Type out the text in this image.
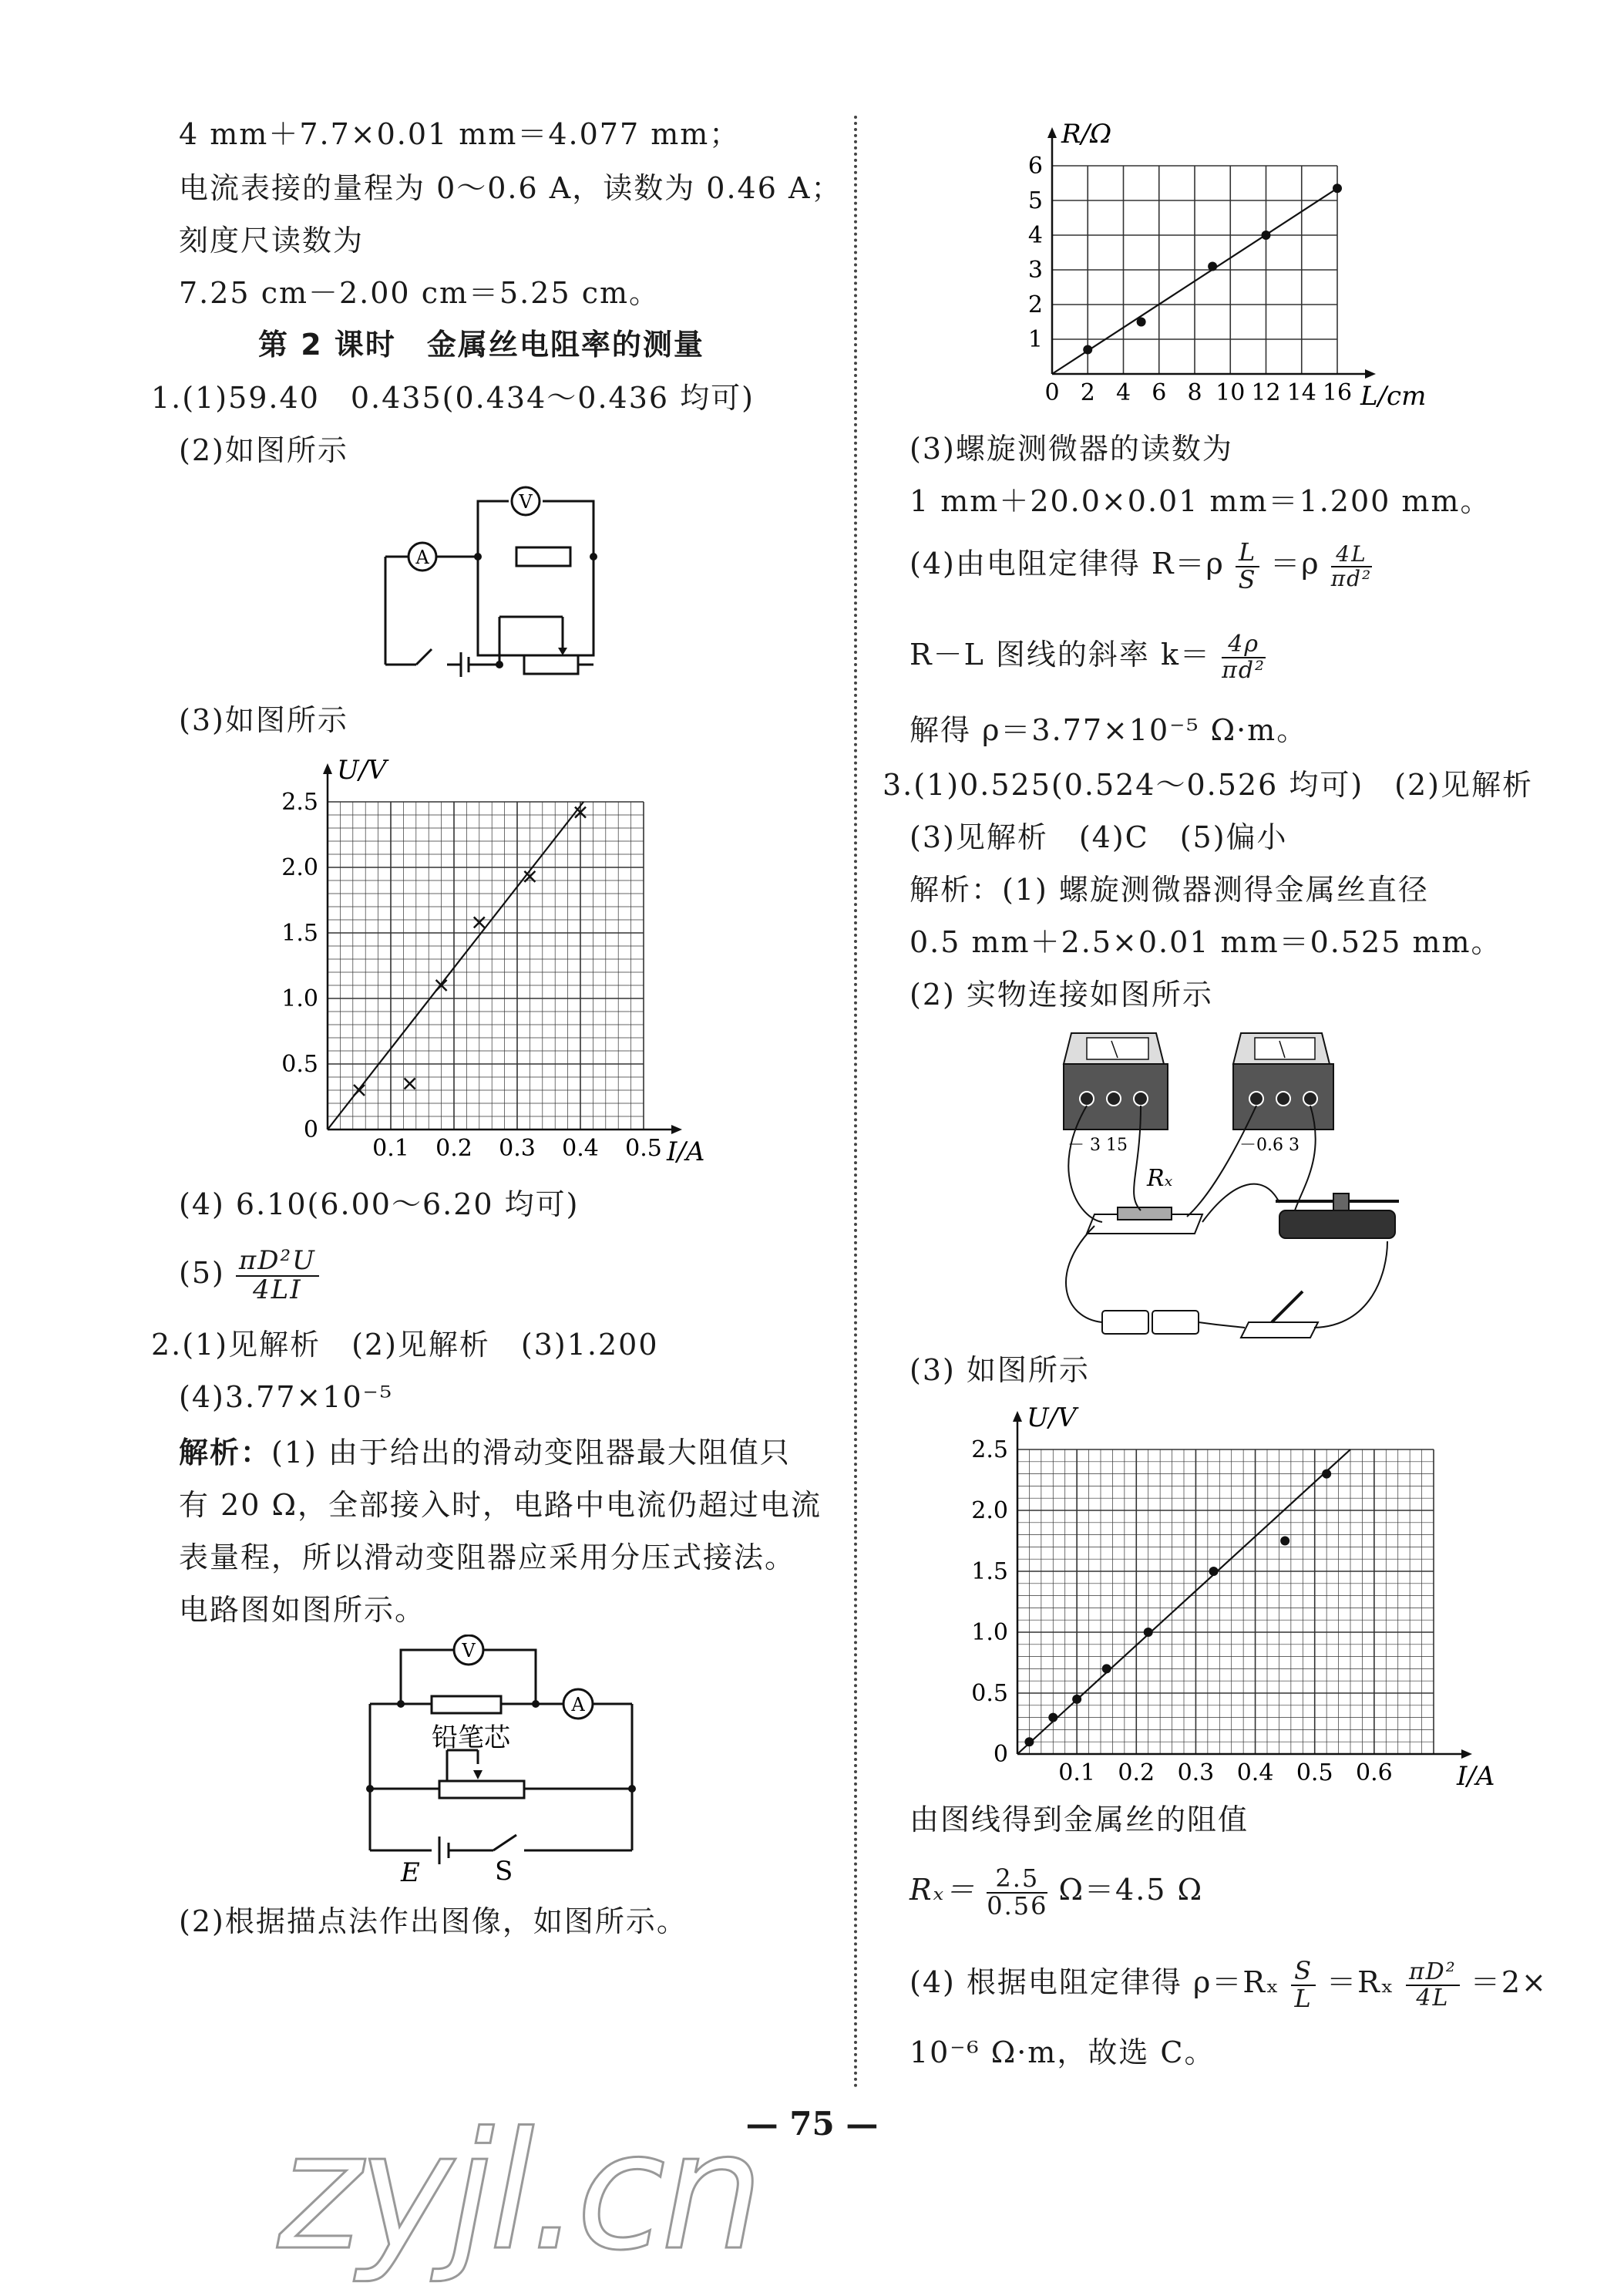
4 mm＋7.7×0.01 mm＝4.077 mm；
电流表接的量程为 0～0.6 A，读数为 0.46 A；
刻度尺读数为
7.25 cm－2.00 cm＝5.25 cm。
第 2 课时　金属丝电阻率的测量
1.(1)59.40　0.435(0.434～0.436 均可)
(2)如图所示
A
V
(3)如图所示
0.1 0.2 0.3 0.4 0.5
0
0.5
1.0
1.5
2.0
2.5
I/A
U/V
(4) 6.10(6.00～6.20 均可)
$(5) \frac{\text{πD²U}}{4LI}$
2.(1)见解析　(2)见解析　(3)1.200
(4)3.77×10⁻⁵
解析：(1) 由于给出的滑动变阻器最大阻值只
有 20 Ω，全部接入时，电路中电流仍超过电流
表量程，所以滑动变阻器应采用分压式接法。
电路图如图所示。
V
A
铅笔芯
E	S
(2)根据描点法作出图像，如图所示。
0 2 4 6 8 10 12 14 16
1
2
3
4
5
6
L/cm
R/Ω
(3)螺旋测微器的读数为
1 mm＋20.0×0.01 mm＝1.200 mm。
(4)由电阻定律得 $R=\rho \frac{L}{S} =\rho \frac{4L}{\text{πd²}}$
R－L 图线的斜率 $k= \frac{4\rho}{\text{πd²}}$
解得 ρ＝3.77×10⁻⁵ Ω·m。
3.(1)0.525(0.524～0.526 均可)　(2)见解析
(3)见解析　(4)C　(5)偏小
解析：(1) 螺旋测微器测得金属丝直径
0.5 mm＋2.5×0.01 mm＝0.525 mm。
(2) 实物连接如图所示
－ 3 15	－0.6 3
Rₓ
(3) 如图所示
0.1 0.2 0.3 0.4 0.5 0.6
0
0.5
1.0
1.5
2.0
2.5
I/A
U/V
由图线得到金属丝的阻值
$R_x= \frac{2.5}{0.56} \Omega=4.5$ Ω
(4) 根据电阻定律得 $\rho=R_x \frac{S}{L} =R_x \frac{\text{πD²}}{4L} =2\times$
10⁻⁶ Ω·m，故选 C。
— 75 —
zyjl.cn
